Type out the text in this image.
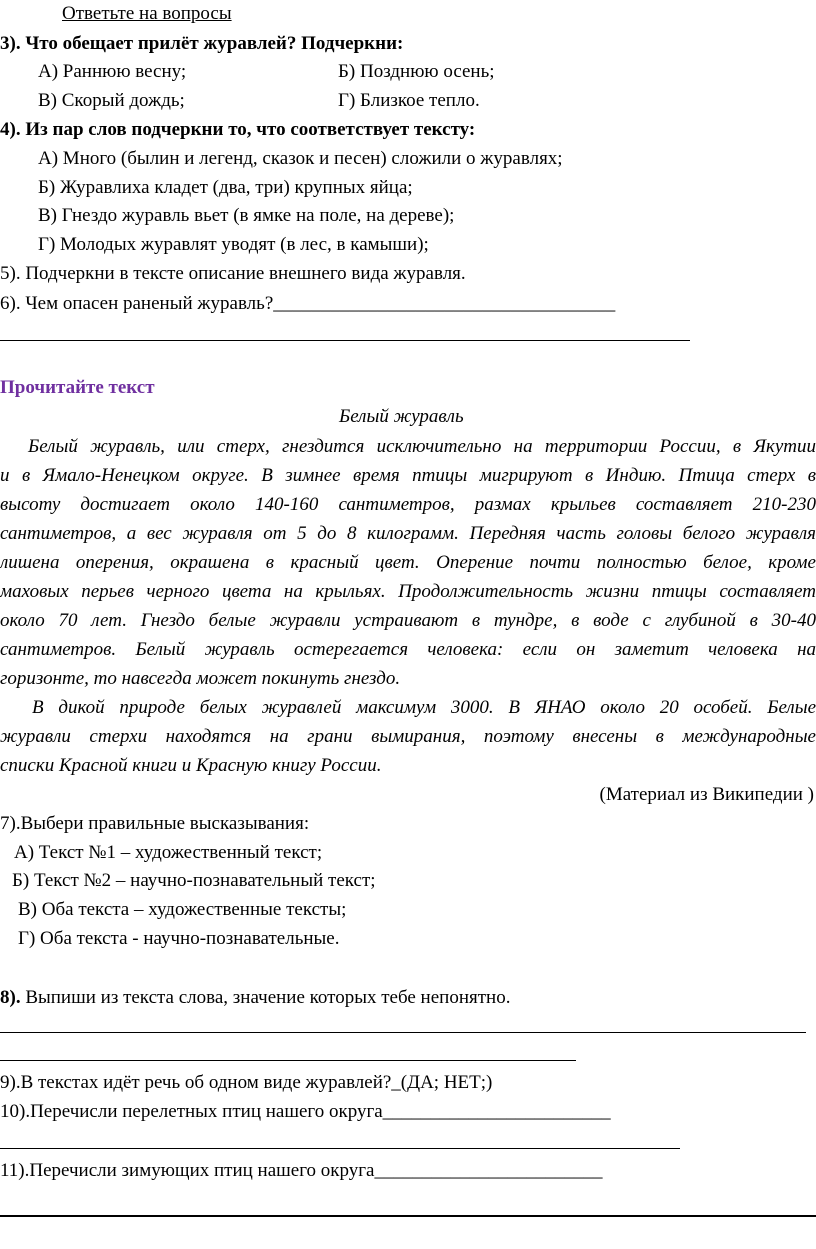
Ответьте на вопросы
3). Что обещает прилёт журавлей? Подчеркни:
А) Раннюю весну;	Б) Позднюю осень;
В) Скорый дождь;	Г) Близкое тепло.
4). Из пар слов подчеркни то, что соответствует тексту:
А) Много (былин и легенд, сказок и песен) сложили о журавлях;
Б) Журавлиха кладет (два, три) крупных яйца;
В) Гнездо журавль вьет (в ямке на поле, на дереве);
Г) Молодых журавлят уводят (в лес, в камыши);
5). Подчеркни в тексте описание внешнего вида журавля.
6). Чем опасен раненый журавль?____________________________________
Прочитайте текст
Белый журавль
Белый журавль, или стерх, гнездится исключительно на территории России, в Якутии
и в Ямало-Ненецком округе. В зимнее время птицы мигрируют в Индию. Птица стерх в
высоту достигает около 140-160 сантиметров, размах крыльев составляет 210-230
сантиметров, а вес журавля от 5 до 8 килограмм. Передняя часть головы белого журавля
лишена оперения, окрашена в красный цвет. Оперение почти полностью белое, кроме
маховых перьев черного цвета на крыльях. Продолжительность жизни птицы составляет
около 70 лет. Гнездо белые журавли устраивают в тундре, в воде с глубиной в 30-40
сантиметров. Белый журавль остерегается человека: если он заметит человека на
горизонте, то навсегда может покинуть гнездо.
В дикой природе белых журавлей максимум 3000. В ЯНАО около 20 особей. Белые
журавли стерхи находятся на грани вымирания, поэтому внесены в международные
списки Красной книги и Красную книгу России.
(Материал из Википедии )
7).Выбери правильные высказывания:
А) Текст №1 – художественный текст;
Б) Текст №2 – научно-познавательный текст;
В) Оба текста – художественные тексты;
Г) Оба текста - научно-познавательные.
8). Выпиши из текста слова, значение которых тебе непонятно.
9).В текстах идёт речь об одном виде журавлей?_(ДА; НЕТ;)
10).Перечисли перелетных птиц нашего округа________________________
11).Перечисли зимующих птиц нашего округа________________________
